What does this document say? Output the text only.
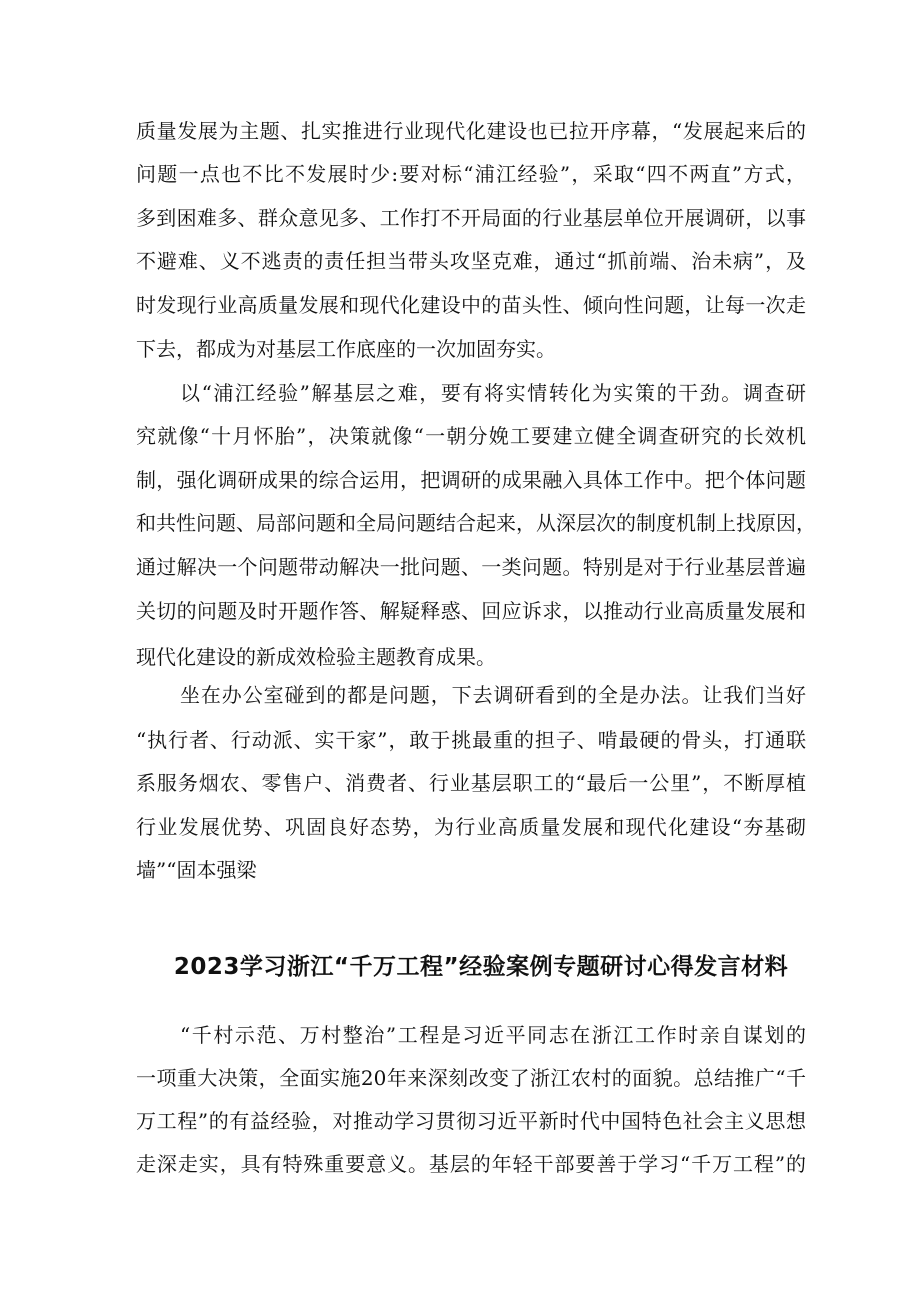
质量发展为主题、扎实推进行业现代化建设也已拉开序幕，“发展起来后的
问题一点也不比不发展时少:要对标“浦江经验”，采取“四不两直”方式，
多到困难多、群众意见多、工作打不开局面的行业基层单位开展调研，以事
不避难、义不逃责的责任担当带头攻坚克难，通过“抓前端、治未病”，及
时发现行业高质量发展和现代化建设中的苗头性、倾向性问题，让每一次走
下去，都成为对基层工作底座的一次加固夯实。
以“浦江经验”解基层之难，要有将实情转化为实策的干劲。调查研
究就像“十月怀胎”，决策就像“一朝分娩工要建立健全调查研究的长效机
制，强化调研成果的综合运用，把调研的成果融入具体工作中。把个体问题
和共性问题、局部问题和全局问题结合起来，从深层次的制度机制上找原因，
通过解决一个问题带动解决一批问题、一类问题。特别是对于行业基层普遍
关切的问题及时开题作答、解疑释惑、回应诉求，以推动行业高质量发展和
现代化建设的新成效检验主题教育成果。
坐在办公室碰到的都是问题，下去调研看到的全是办法。让我们当好
“执行者、行动派、实干家”，敢于挑最重的担子、啃最硬的骨头，打通联
系服务烟农、零售户、消费者、行业基层职工的“最后一公里”，不断厚植
行业发展优势、巩固良好态势，为行业高质量发展和现代化建设“夯基砌
墙”“固本强梁
2023学习浙江“千万工程”经验案例专题研讨心得发言材料
“千村示范、万村整治”工程是习近平同志在浙江工作时亲自谋划的
一项重大决策，全面实施20年来深刻改变了浙江农村的面貌。总结推广“千
万工程”的有益经验，对推动学习贯彻习近平新时代中国特色社会主义思想
走深走实，具有特殊重要意义。基层的年轻干部要善于学习“千万工程”的
